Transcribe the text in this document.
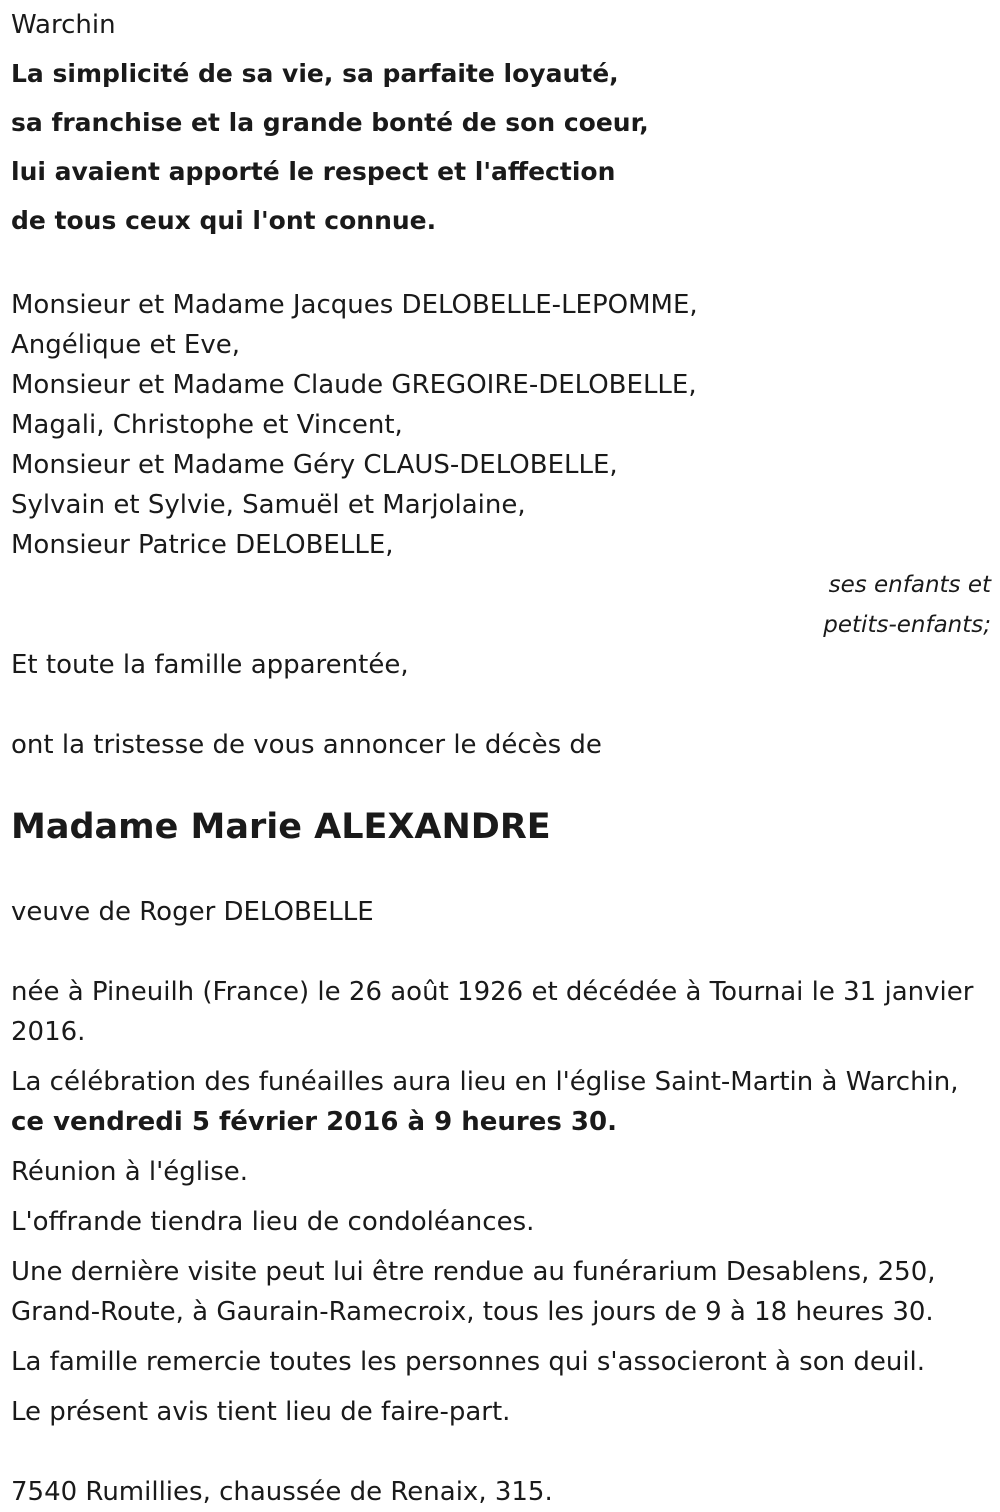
Warchin
La simplicité de sa vie, sa parfaite loyauté,
sa franchise et la grande bonté de son coeur,
lui avaient apporté le respect et l'affection
de tous ceux qui l'ont connue.
Monsieur et Madame Jacques DELOBELLE-LEPOMME,
Angélique et Eve,
Monsieur et Madame Claude GREGOIRE-DELOBELLE,
Magali, Christophe et Vincent,
Monsieur et Madame Géry CLAUS-DELOBELLE,
Sylvain et Sylvie, Samuël et Marjolaine,
Monsieur Patrice DELOBELLE,
ses enfants et
petits-enfants;
Et toute la famille apparentée,
ont la tristesse de vous annoncer le décès de
Madame Marie ALEXANDRE
veuve de Roger DELOBELLE
née à Pineuilh (France) le 26 août 1926 et décédée à Tournai le 31 janvier 2016.
La célébration des funéailles aura lieu en l'église Saint-Martin à Warchin,
ce vendredi 5 février 2016 à 9 heures 30.
Réunion à l'église.
L'offrande tiendra lieu de condoléances.
Une dernière visite peut lui être rendue au funérarium Desablens, 250, Grand-Route, à Gaurain-Ramecroix, tous les jours de 9 à 18 heures 30.
La famille remercie toutes les personnes qui s'associeront à son deuil.
Le présent avis tient lieu de faire-part.
7540 Rumillies, chaussée de Renaix, 315.
